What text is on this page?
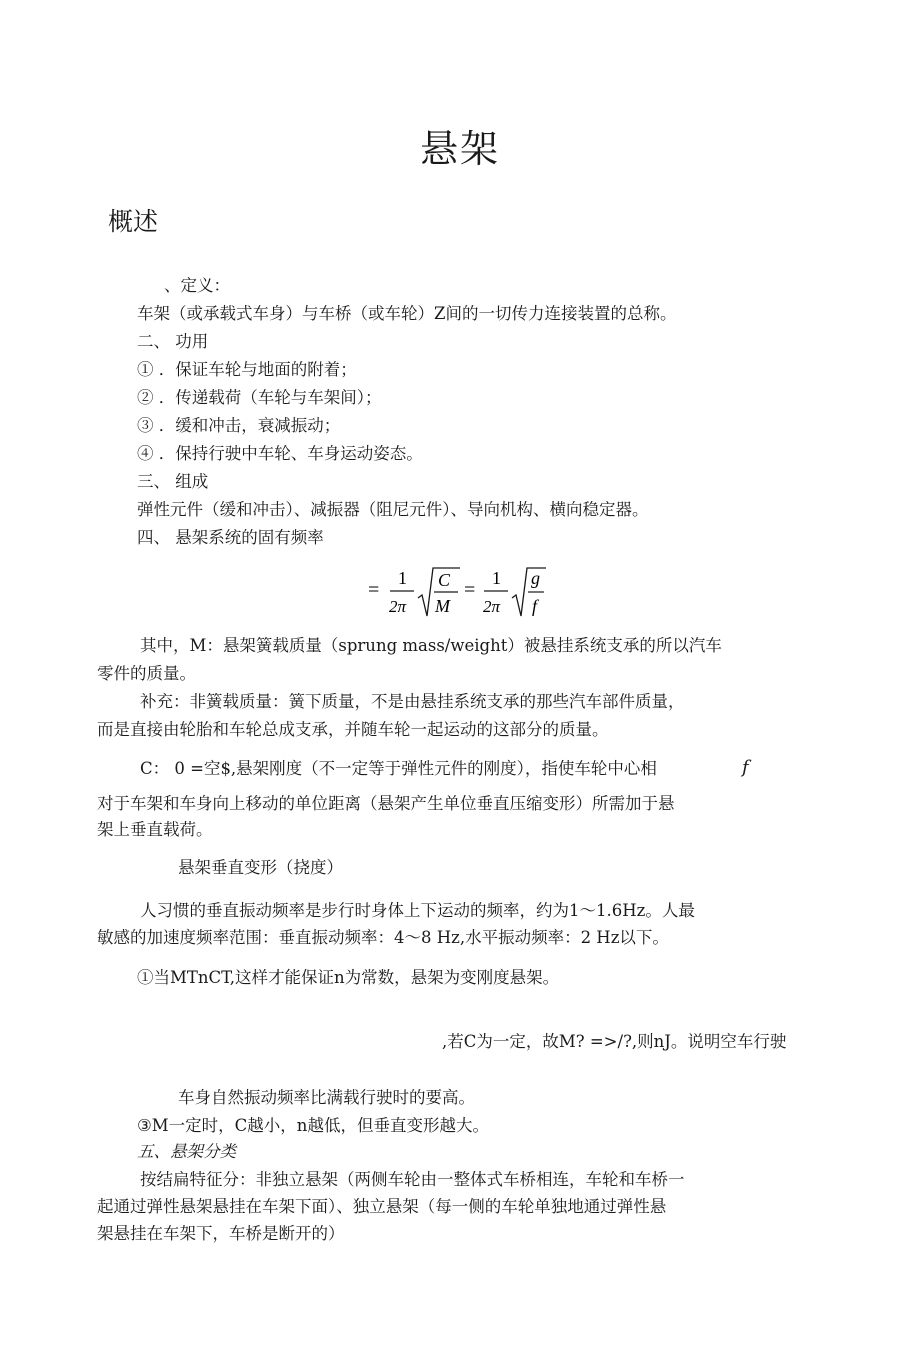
悬架
概述
、定义：
车架（或承载式车身）与车桥（或车轮）Z间的一切传力连接装置的总称。
二、 功用
① ．保证车轮与地面的附着；
② ．传递载荷（车轮与车架间）；
③ ．缓和冲击，衰减振动；
④ ．保持行驶中车轮、车身运动姿态。
三、 组成
弹性元件（缓和冲击）、减振器（阻尼元件）、导向机构、横向稳定器。
四、 悬架系统的固有频率
=
1
2π
C
M
=
1
2π
g
f
其中，M：悬架簧载质量（sprung mass/weight）被悬挂系统支承的所以汽车
零件的质量。
补充：非簧载质量：簧下质量，不是由悬挂系统支承的那些汽车部件质量，
而是直接由轮胎和车轮总成支承，并随车轮一起运动的这部分的质量。
C： 0 =空$,悬架刚度（不一定等于弹性元件的刚度），指使车轮中心相	f
对于车架和车身向上移动的单位距离（悬架产生单位垂直压缩变形）所需加于悬
架上垂直载荷。
悬架垂直变形（挠度）
人习惯的垂直振动频率是步行时身体上下运动的频率，约为1～1.6Hz。人最
敏感的加速度频率范围：垂直振动频率：4～8 Hz,水平振动频率：2 Hz以下。
①当MTnCT,这样才能保证n为常数，悬架为变刚度悬架。
,若C为一定，故M? =>/?,则nJ。说明空车行驶
车身自然振动频率比满载行驶时的要高。
③M一定时，C越小，n越低，但垂直变形越大。
五、悬架分类
按结扁特征分：非独立悬架（两侧车轮由一整体式车桥相连，车轮和车桥一
起通过弹性悬架悬挂在车架下面）、独立悬架（每一侧的车轮单独地通过弹性悬
架悬挂在车架下，车桥是断开的）
